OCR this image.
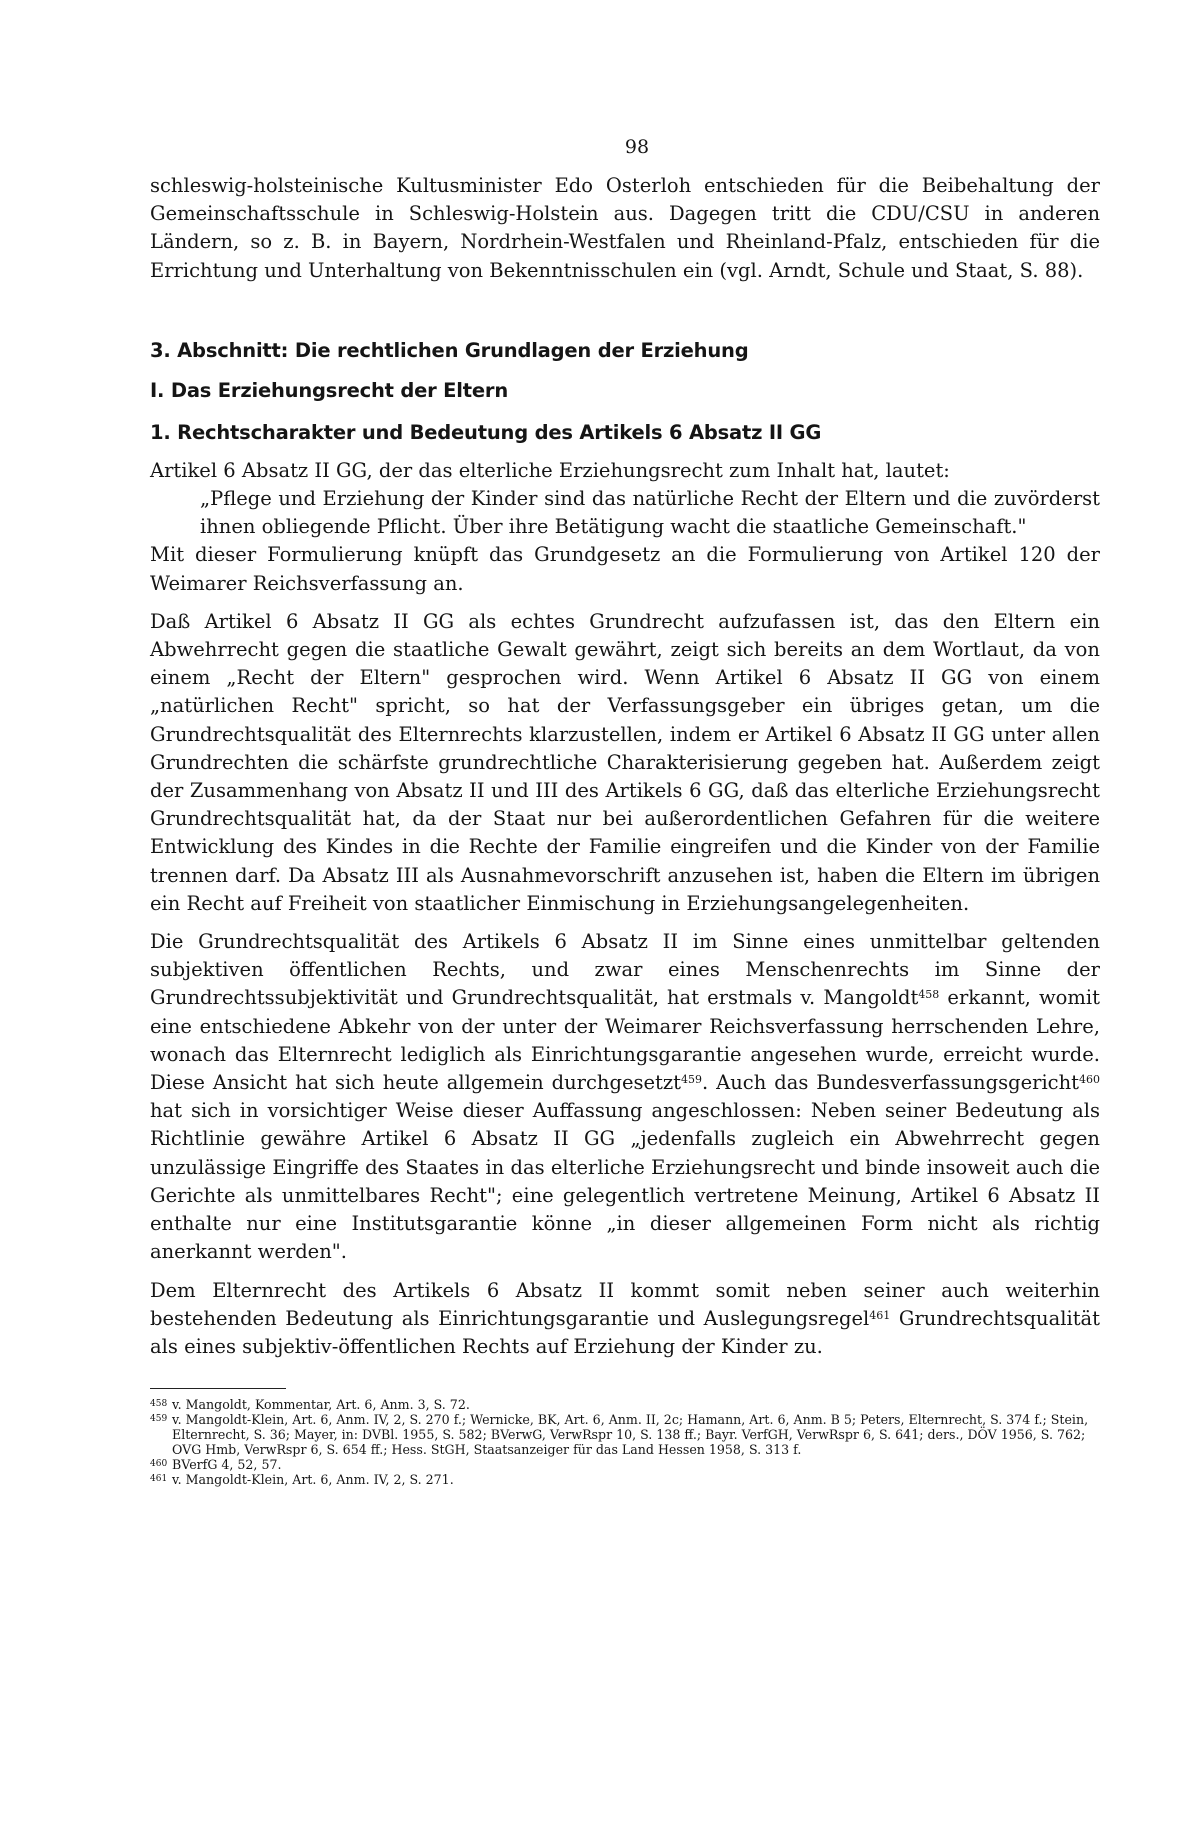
98

schleswig-holsteinische Kultusminister Edo Osterloh entschieden für die Beibehaltung der Gemeinschaftsschule in Schleswig-Holstein aus. Dagegen tritt die CDU/CSU in anderen Ländern, so z. B. in Bayern, Nordrhein-Westfalen und Rheinland-Pfalz, entschieden für die Errichtung und Unterhaltung von Bekenntnisschulen ein (vgl. Arndt, Schule und Staat, S. 88).

3. Abschnitt: Die rechtlichen Grundlagen der Erziehung
I. Das Erziehungsrecht der Eltern
1. Rechtscharakter und Bedeutung des Artikels 6 Absatz II GG

Artikel 6 Absatz II GG, der das elterliche Erziehungsrecht zum Inhalt hat, lautet:

„Pflege und Erziehung der Kinder sind das natürliche Recht der Eltern und die zuvörderst ihnen obliegende Pflicht. Über ihre Betätigung wacht die staatliche Gemeinschaft."

Mit dieser Formulierung knüpft das Grundgesetz an die Formulierung von Artikel 120 der Weimarer Reichsverfassung an.

Daß Artikel 6 Absatz II GG als echtes Grundrecht aufzufassen ist, das den Eltern ein Abwehrrecht gegen die staatliche Gewalt gewährt, zeigt sich bereits an dem Wortlaut, da von einem „Recht der Eltern" gesprochen wird. Wenn Artikel 6 Absatz II GG von einem „natürlichen Recht" spricht, so hat der Verfassungsgeber ein übriges getan, um die Grundrechtsqualität des Elternrechts klarzustellen, indem er Artikel 6 Absatz II GG unter allen Grundrechten die schärfste grundrechtliche Charakterisierung gegeben hat. Außerdem zeigt der Zusammenhang von Absatz II und III des Artikels 6 GG, daß das elterliche Erziehungsrecht Grundrechtsqualität hat, da der Staat nur bei außerordentlichen Gefahren für die weitere Entwicklung des Kindes in die Rechte der Familie eingreifen und die Kinder von der Familie trennen darf. Da Absatz III als Ausnahmevorschrift anzusehen ist, haben die Eltern im übrigen ein Recht auf Freiheit von staatlicher Einmischung in Erziehungsangelegenheiten.

Die Grundrechtsqualität des Artikels 6 Absatz II im Sinne eines unmittelbar geltenden subjektiven öffentlichen Rechts, und zwar eines Menschenrechts im Sinne der Grundrechtssubjektivität und Grundrechtsqualität, hat erstmals v. Mangoldt$^{458}$ erkannt, womit eine entschiedene Abkehr von der unter der Weimarer Reichsverfassung herrschenden Lehre, wonach das Elternrecht lediglich als Einrichtungsgarantie angesehen wurde, erreicht wurde. Diese Ansicht hat sich heute allgemein durchgesetzt$^{459}$. Auch das Bundesverfassungsgericht$^{460}$ hat sich in vorsichtiger Weise dieser Auffassung angeschlossen: Neben seiner Bedeutung als Richtlinie gewähre Artikel 6 Absatz II GG „jedenfalls zugleich ein Abwehrrecht gegen unzulässige Eingriffe des Staates in das elterliche Erziehungsrecht und binde insoweit auch die Gerichte als unmittelbares Recht"; eine gelegentlich vertretene Meinung, Artikel 6 Absatz II enthalte nur eine Institutsgarantie könne „in dieser allgemeinen Form nicht als richtig anerkannt werden".

Dem Elternrecht des Artikels 6 Absatz II kommt somit neben seiner auch weiterhin bestehenden Bedeutung als Einrichtungsgarantie und Auslegungsregel$^{461}$ Grundrechtsqualität als eines subjektiv-öffentlichen Rechts auf Erziehung der Kinder zu.

458 v. Mangoldt, Kommentar, Art. 6, Anm. 3, S. 72.
459 v. Mangoldt-Klein, Art. 6, Anm. IV, 2, S. 270 f.; Wernicke, BK, Art. 6, Anm. II, 2c; Hamann, Art. 6, Anm. B 5; Peters, Elternrecht, S. 374 f.; Stein, Elternrecht, S. 36; Mayer, in: DVBl. 1955, S. 582; BVerwG, VerwRspr 10, S. 138 ff.; Bayr. VerfGH, VerwRspr 6, S. 641; ders., DÖV 1956, S. 762; OVG Hmb, VerwRspr 6, S. 654 ff.; Hess. StGH, Staatsanzeiger für das Land Hessen 1958, S. 313 f.
460 BVerfG 4, 52, 57.
461 v. Mangoldt-Klein, Art. 6, Anm. IV, 2, S. 271.
